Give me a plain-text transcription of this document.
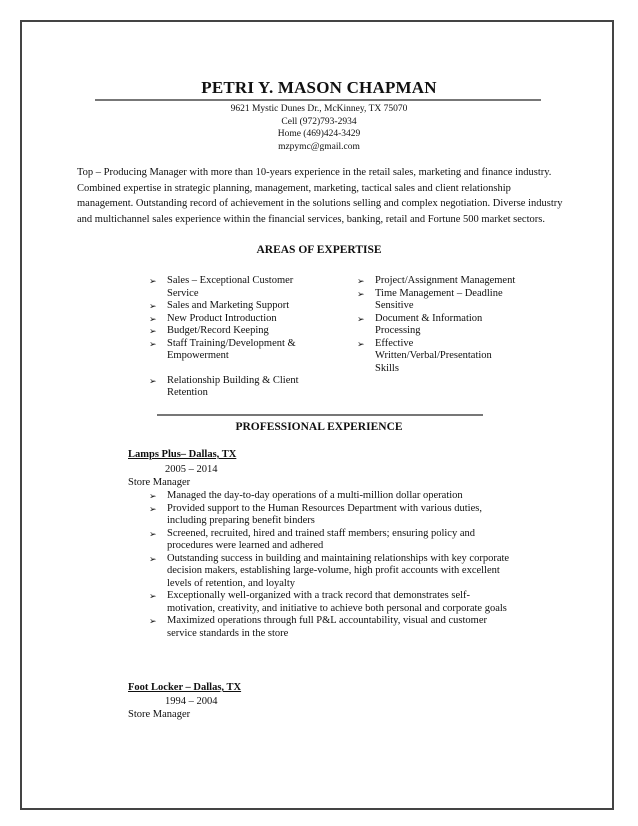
PETRI Y. MASON CHAPMAN
9621 Mystic Dunes Dr., McKinney, TX 75070
Cell (972)793-2934
Home (469)424-3429
mzpymc@gmail.com
Top – Producing Manager with more than 10-years experience in the retail sales, marketing and finance industry. Combined expertise in strategic planning, management, marketing, tactical sales and client relationship management. Outstanding record of achievement in the solutions selling and complex negotiation. Diverse industry and multichannel sales experience within the financial services, banking, retail and Fortune 500 market sectors.
AREAS OF EXPERTISE
➢ Sales – Exceptional Customer Service
➢ Sales and Marketing Support
➢ New Product Introduction
➢ Budget/Record Keeping
➢ Staff Training/Development & Empowerment
➢ Relationship Building & Client Retention
➢ Project/Assignment Management
➢ Time Management – Deadline Sensitive
➢ Document & Information Processing
➢ Effective Written/Verbal/Presentation Skills
PROFESSIONAL EXPERIENCE
Lamps Plus– Dallas, TX
2005 – 2014
Store Manager
➢ Managed the day-to-day operations of a multi-million dollar operation
➢ Provided support to the Human Resources Department with various duties, including preparing benefit binders
➢ Screened, recruited, hired and trained staff members; ensuring policy and procedures were learned and adhered
➢ Outstanding success in building and maintaining relationships with key corporate decision makers, establishing large-volume, high profit accounts with excellent levels of retention, and loyalty
➢ Exceptionally well-organized with a track record that demonstrates self-motivation, creativity, and initiative to achieve both personal and corporate goals
➢ Maximized operations through full P&L accountability, visual and customer service standards in the store
Foot Locker – Dallas, TX
1994 – 2004
Store Manager
